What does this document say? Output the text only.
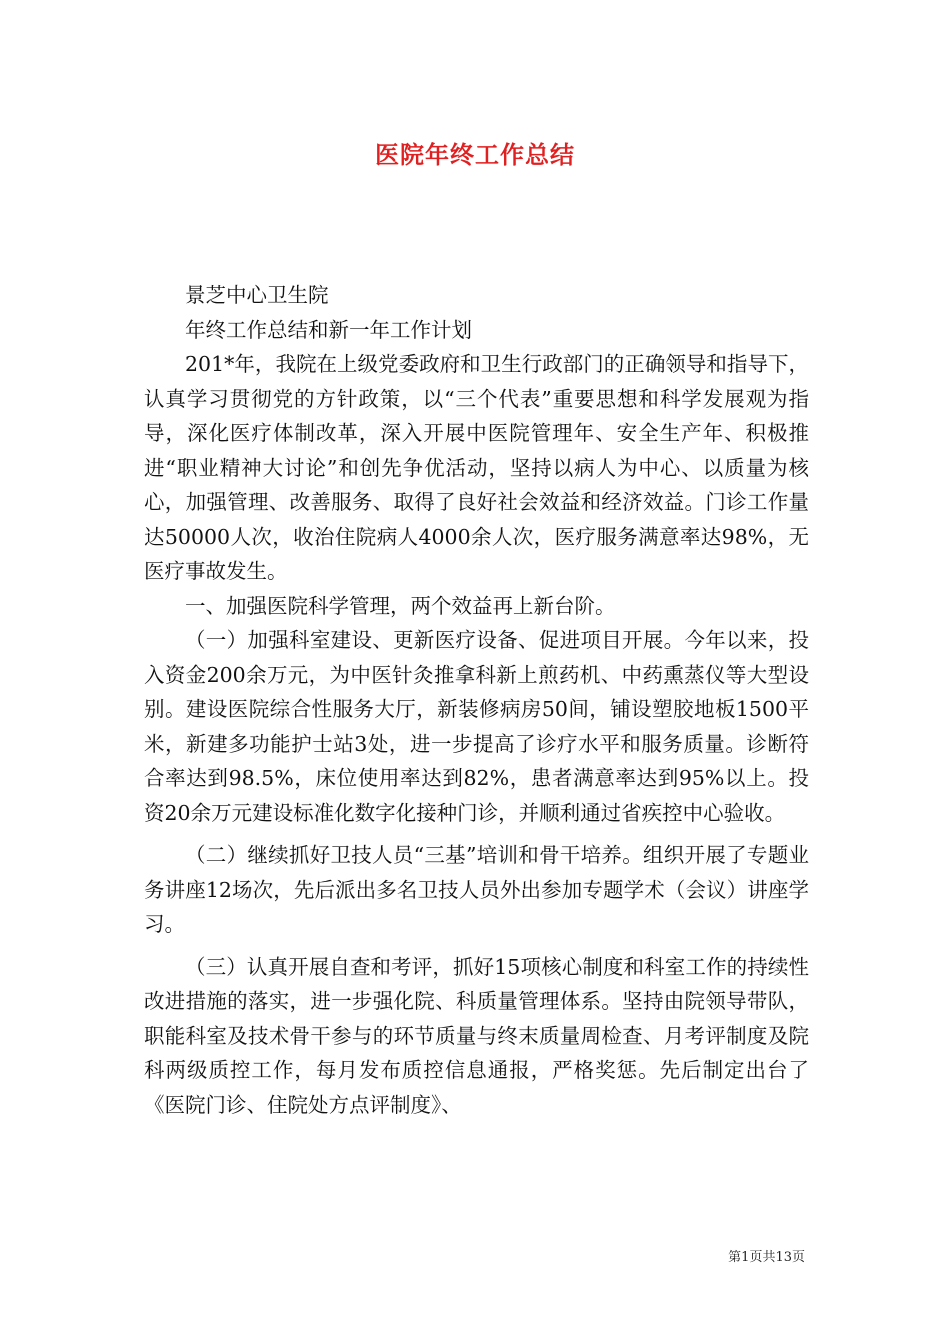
医院年终工作总结

景芝中心卫生院

年终工作总结和新一年工作计划

201*年，我院在上级党委政府和卫生行政部门的正确领导和指导下，认真学习贯彻党的方针政策，以“三个代表”重要思想和科学发展观为指导，深化医疗体制改革，深入开展中医院管理年、安全生产年、积极推进“职业精神大讨论”和创先争优活动，坚持以病人为中心、以质量为核心，加强管理、改善服务、取得了良好社会效益和经济效益。门诊工作量达50000人次，收治住院病人4000余人次，医疗服务满意率达98%，无医疗事故发生。

一、加强医院科学管理，两个效益再上新台阶。

（一）加强科室建设、更新医疗设备、促进项目开展。今年以来，投入资金200余万元，为中医针灸推拿科新上煎药机、中药熏蒸仪等大型设别。建设医院综合性服务大厅，新装修病房50间，铺设塑胶地板1500平米，新建多功能护士站3处，进一步提高了诊疗水平和服务质量。诊断符合率达到98.5%，床位使用率达到82%，患者满意率达到95%以上。投资20余万元建设标准化数字化接种门诊，并顺利通过省疾控中心验收。

（二）继续抓好卫技人员“三基”培训和骨干培养。组织开展了专题业务讲座12场次，先后派出多名卫技人员外出参加专题学术（会议）讲座学习。

（三）认真开展自查和考评，抓好15项核心制度和科室工作的持续性改进措施的落实，进一步强化院、科质量管理体系。坚持由院领导带队，职能科室及技术骨干参与的环节质量与终末质量周检查、月考评制度及院科两级质控工作，每月发布质控信息通报，严格奖惩。先后制定出台了《医院门诊、住院处方点评制度》、

第1页共13页
